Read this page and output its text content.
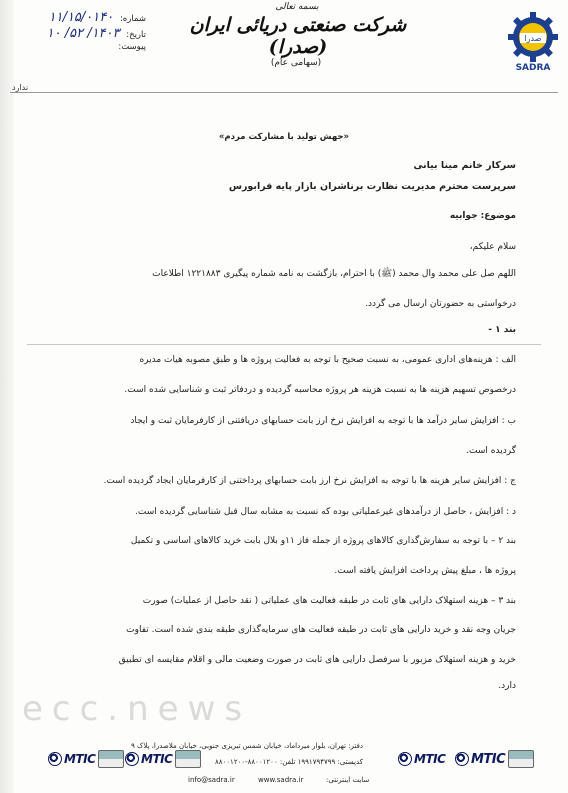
صدرا
SADRA
بسمه تعالی
شرکت صنعتی دریائی ایران (صدرا)
(سهامی عام)
شماره: ۱۱/۱۵/۰۱۴۰
تاریخ: ۱۴۰۳/ ۵۲/ ۱۰
پیوست:
ندارد
«جهش تولید با مشارکت مردم»
سرکار خانم مینا بیانی
سرپرست محترم مدیریت نظارت برناشران بازار پایه فرابورس
موضوع: جوابیه
سلام علیکم،
اللهم صل علی محمد وال محمد (ﷺ) با احترام، بازگشت به نامه شماره پیگیری ۱۲۲۱۸۸۳ اطلاعات
درخواستی به حضورتان ارسال می گردد.
بند ۱ -
الف : هزینه‌های اداری عمومی، به نسبت صحیح با توجه به فعالیت پروژه ها و طبق مصوبه هیات مدیره
درخصوص تسهیم هزینه ها به نسبت هزینه هر پروژه محاسبه گردیده و دردفاتر ثبت و شناسایی شده است.
ب : افزایش سایر درآمد ها با توجه به افزایش نرخ ارز بابت حسابهای دریافتنی از کارفرمایان ثبت و ایجاد
گردیده است.
ج : افزایش سایر هزینه ها با توجه به افزایش نرخ ارز بابت حسابهای پرداختنی از کارفرمایان ایجاد گردیده است.
د : افزایش ، حاصل از درآمدهای غیرعملیاتی بوده که نسبت به مشابه سال قبل شناسایی گردیده است.
بند ۲ – با توجه به سفارش‌گذاری کالاهای پروژه از جمله فاز ۱۱و بلال بابت خرید کالاهای اساسی و تکمیل
پروژه ها ، مبلغ پیش پرداخت افزایش یافته است.
بند ۳ – هزینه استهلاک دارایی های ثابت در طبقه فعالیت های عملیاتی ( نقد حاصل از عملیات) صورت
جریان وجه نقد و خرید دارایی های ثابت در طبقه فعالیت های سرمایه‌گذاری طبقه بندی شده است. تفاوت
خرید و هزینه استهلاک مزبور با سرفصل دارایی های ثابت در صورت وضعیت مالی و اقلام مقایسه ای تطبیق
دارد.
ecc.news
دفتر: تهران، بلوار میرداماد، خیابان شمس تبریزی جنوبی، خیابان ملاصدرا، پلاک ۹
کدپستی: ۱۹۹۱۷۹۴۷۹۹ تلفن: ۸۸۰۰۱۲۰۰-۸۸۰۰۱۲۰۰	MTIC
MTIC
MTIC
MTIC
www.sadra.ir	سایت اینترنتی:
info@sadra.ir
